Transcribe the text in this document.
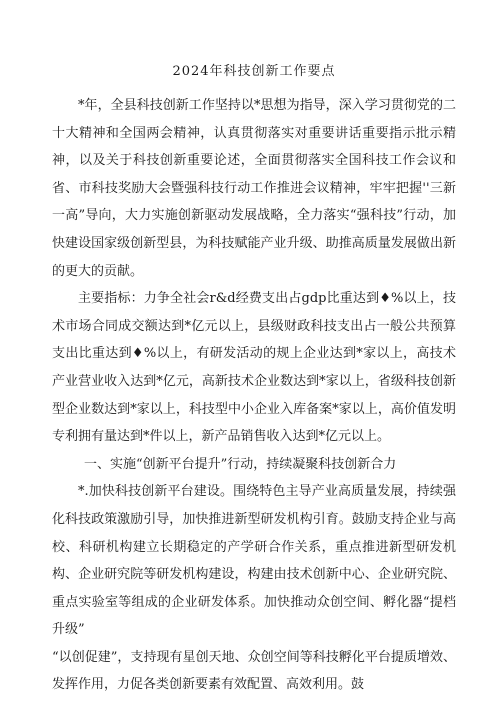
2024年科技创新工作要点

*年，全县科技创新工作坚持以*思想为指导，深入学习贯彻党的二十大精神和全国两会精神，认真贯彻落实对重要讲话重要指示批示精神，以及关于科技创新重要论述，全面贯彻落实全国科技工作会议和省、市科技奖励大会暨强科技行动工作推进会议精神，牢牢把握''三新一高”导向，大力实施创新驱动发展战略，全力落实“强科技”行动，加快建设国家级创新型县，为科技赋能产业升级、助推高质量发展做出新的更大的贡献。

主要指标：力争全社会r&d经费支出占gdp比重达到♦%以上，技术市场合同成交额达到*亿元以上，县级财政科技支出占一般公共预算支出比重达到♦%以上，有研发活动的规上企业达到*家以上，高技术产业营业收入达到*亿元，高新技术企业数达到*家以上，省级科技创新型企业数达到*家以上，科技型中小企业入库备案*家以上，高价值发明专利拥有量达到*件以上，新产品销售收入达到*亿元以上。

一、实施“创新平台提升”行动，持续凝聚科技创新合力

*.加快科技创新平台建设。围绕特色主导产业高质量发展，持续强化科技政策激励引导，加快推进新型研发机构引育。鼓励支持企业与高校、科研机构建立长期稳定的产学研合作关系，重点推进新型研发机构、企业研究院等研发机构建设，构建由技术创新中心、企业研究院、重点实验室等组成的企业研发体系。加快推动众创空间、孵化器“提档升级”

“以创促建”，支持现有星创天地、众创空间等科技孵化平台提质增效、发挥作用，力促各类创新要素有效配置、高效利用。鼓
